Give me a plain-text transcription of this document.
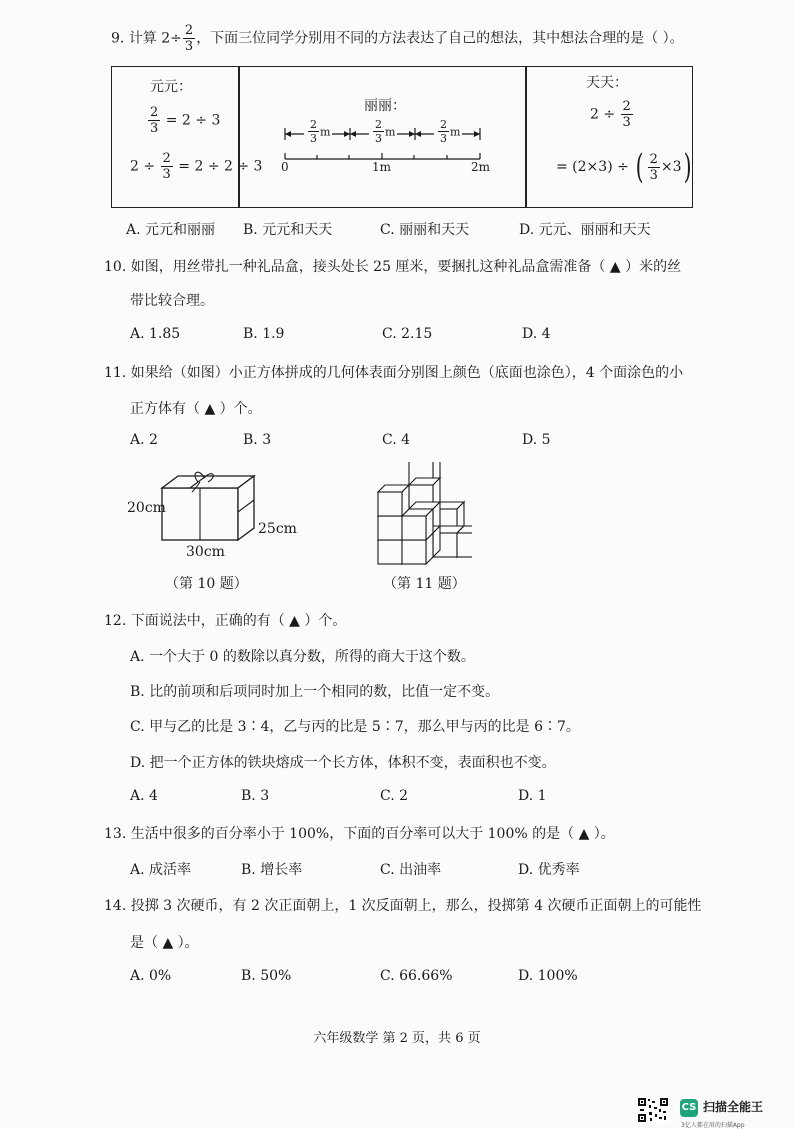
9. 计算 $2\div \frac{2}{3}$ ，下面三位同学分别用不同的方法表达了自己的想法，其中想法合理的是（ ）。
元元：
$\frac{2}{3} = 2 \div 3$
$2 \div \frac{2}{3} = 2 \div 2 \div 3$
丽丽：
$\frac{2}{3}$ m	$\frac{2}{3}$ m	$\frac{2}{3}$ m
0	1m	2m
天天：
$2 \div \frac{2}{3}$
= (2×3) ÷ ( $\frac{2}{3} \times 3$)
A. 元元和丽丽 B. 元元和天天	C. 丽丽和天天	D. 元元、丽丽和天天
10. 如图，用丝带扎一种礼品盒，接头处长 25 厘米，要捆扎这种礼品盒需准备（ ▲ ）米的丝
带比较合理。
A. 1.85	B. 1.9	C. 2.15	D. 4
11. 如果给（如图）小正方体拼成的几何体表面分别图上颜色（底面也涂色），4 个面涂色的小
正方体有（ ▲ ）个。
A. 2	B. 3	C. 4	D. 5
20cm
25cm
30cm
（第 10 题）	（第 11 题）
12. 下面说法中，正确的有（ ▲ ）个。
A. 一个大于 0 的数除以真分数，所得的商大于这个数。
B. 比的前项和后项同时加上一个相同的数，比值一定不变。
C. 甲与乙的比是 3∶4，乙与丙的比是 5∶7，那么甲与丙的比是 6∶7。
D. 把一个正方体的铁块熔成一个长方体，体积不变，表面积也不变。
A. 4	B. 3	C. 2	D. 1
13. 生活中很多的百分率小于 100%，下面的百分率可以大于 100% 的是（ ▲ ）。
A. 成活率	B. 增长率	C. 出油率	D. 优秀率
14. 投掷 3 次硬币，有 2 次正面朝上，1 次反面朝上，那么，投掷第 4 次硬币正面朝上的可能性
是（ ▲ ）。
A. 0%	B. 50%	C. 66.66%	D. 100%
六年级数学 第 2 页，共 6 页
CS 扫描全能王
3亿人都在用的扫描App
